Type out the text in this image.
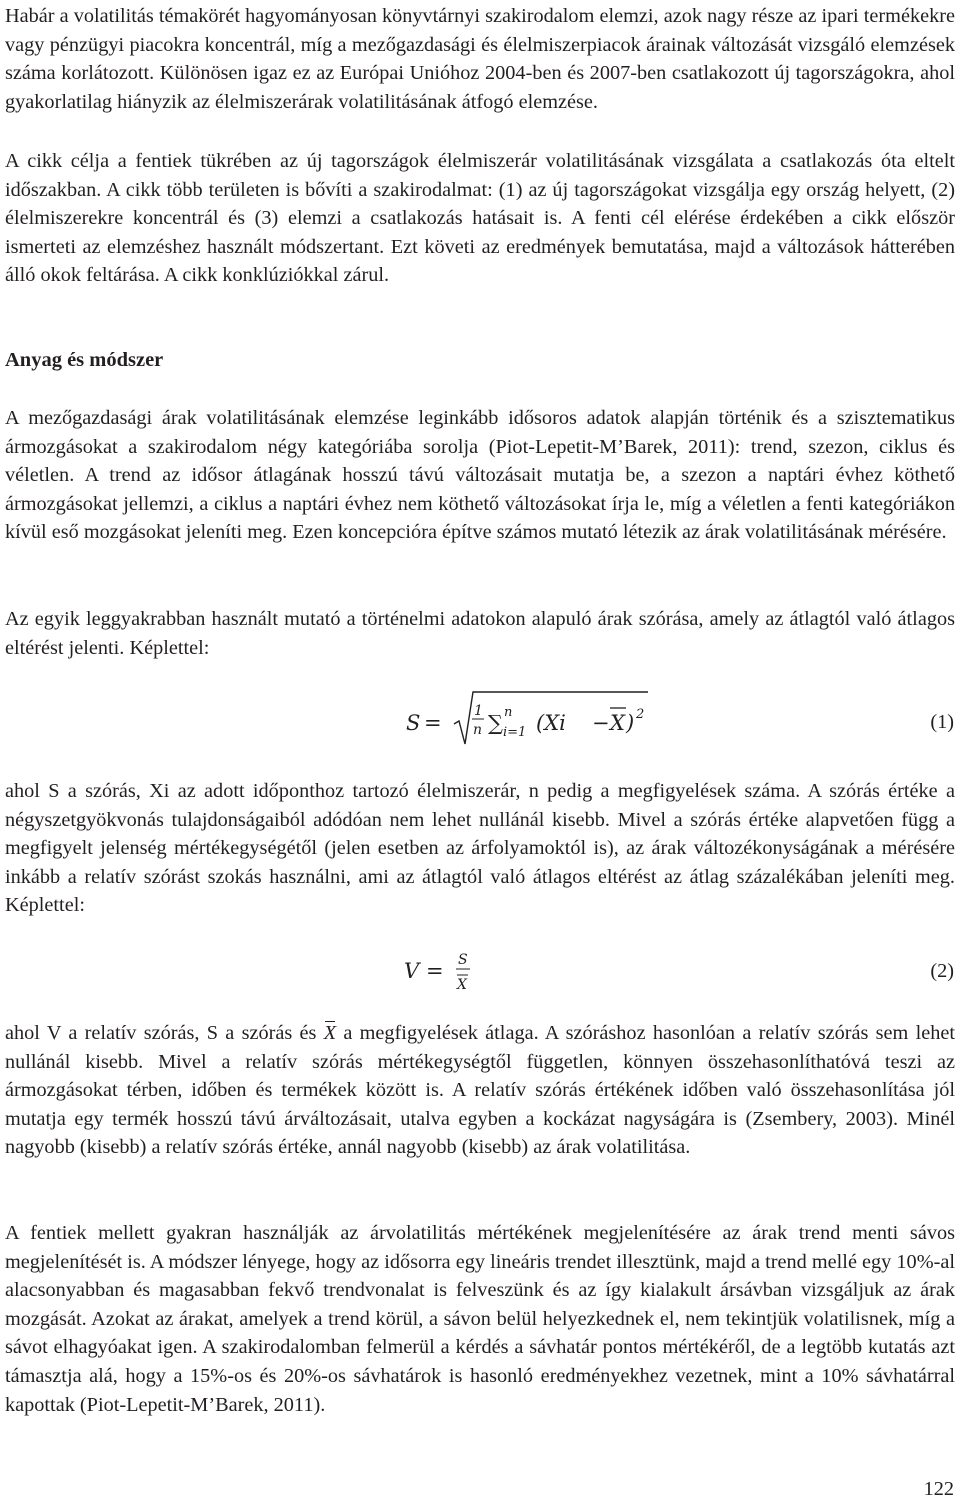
Habár a volatilitás témakörét hagyományosan könyvtárnyi szakirodalom elemzi, azok nagy része az ipari termékekre vagy pénzügyi piacokra koncentrál, míg a mezőgazdasági és élelmiszerpiacok árainak változását vizsgáló elemzések száma korlátozott. Különösen igaz ez az Európai Unióhoz 2004-ben és 2007-ben csatlakozott új tagországokra, ahol gyakorlatilag hiányzik az élelmiszerárak volatilitásának átfogó elemzése.

A cikk célja a fentiek tükrében az új tagországok élelmiszerár volatilitásának vizsgálata a csatlakozás óta eltelt időszakban. A cikk több területen is bővíti a szakirodalmat: (1) az új tagországokat vizsgálja egy ország helyett, (2) élelmiszerekre koncentrál és (3) elemzi a csatlakozás hatásait is. A fenti cél elérése érdekében a cikk először ismerteti az elemzéshez használt módszertant. Ezt követi az eredmények bemutatása, majd a változások hátterében álló okok feltárása. A cikk konklúziókkal zárul.

Anyag és módszer

A mezőgazdasági árak volatilitásának elemzése leginkább idősoros adatok alapján történik és a szisztematikus ármozgásokat a szakirodalom négy kategóriába sorolja (Piot-Lepetit-M’Barek, 2011): trend, szezon, ciklus és véletlen. A trend az idősor átlagának hosszú távú változásait mutatja be, a szezon a naptári évhez köthető ármozgásokat jellemzi, a ciklus a naptári évhez nem köthető változásokat írja le, míg a véletlen a fenti kategóriákon kívül eső mozgásokat jeleníti meg. Ezen koncepcióra építve számos mutató létezik az árak volatilitásának mérésére.

Az egyik leggyakrabban használt mutató a történelmi adatokon alapuló árak szórása, amely az átlagtól való átlagos eltérést jelenti. Képlettel:

S = 1
n ∑ n
i=1 (Xi − X ) 2	(1)

ahol S a szórás, Xi az adott időponthoz tartozó élelmiszerár, n pedig a megfigyelések száma. A szórás értéke a négyszetgyökvonás tulajdonságaiból adódóan nem lehet nullánál kisebb. Mivel a szórás értéke alapvetően függ a megfigyelt jelenség mértékegységétől (jelen esetben az árfolyamoktól is), az árak változékonyságának a mérésére inkább a relatív szórást szokás használni, ami az átlagtól való átlagos eltérést az átlag százalékában jeleníti meg. Képlettel:

V = S
X
(2)

ahol V a relatív szórás, S a szórás és X a megfigyelések átlaga. A szóráshoz hasonlóan a relatív szórás sem lehet nullánál kisebb. Mivel a relatív szórás mértékegységtől független, könnyen összehasonlíthatóvá teszi az ármozgásokat térben, időben és termékek között is. A relatív szórás értékének időben való összehasonlítása jól mutatja egy termék hosszú távú árváltozásait, utalva egyben a kockázat nagyságára is (Zsembery, 2003). Minél nagyobb (kisebb) a relatív szórás értéke, annál nagyobb (kisebb) az árak volatilitása.

A fentiek mellett gyakran használják az árvolatilitás mértékének megjelenítésére az árak trend menti sávos megjelenítését is. A módszer lényege, hogy az idősorra egy lineáris trendet illesztünk, majd a trend mellé egy 10%-al alacsonyabban és magasabban fekvő trendvonalat is felveszünk és az így kialakult ársávban vizsgáljuk az árak mozgását. Azokat az árakat, amelyek a trend körül, a sávon belül helyezkednek el, nem tekintjük volatilisnek, míg a sávot elhagyóakat igen. A szakirodalomban felmerül a kérdés a sávhatár pontos mértékéről, de a legtöbb kutatás azt támasztja alá, hogy a 15%-os és 20%-os sávhatárok is hasonló eredményekhez vezetnek, mint a 10% sávhatárral kapottak (Piot-Lepetit-M’Barek, 2011).

122
